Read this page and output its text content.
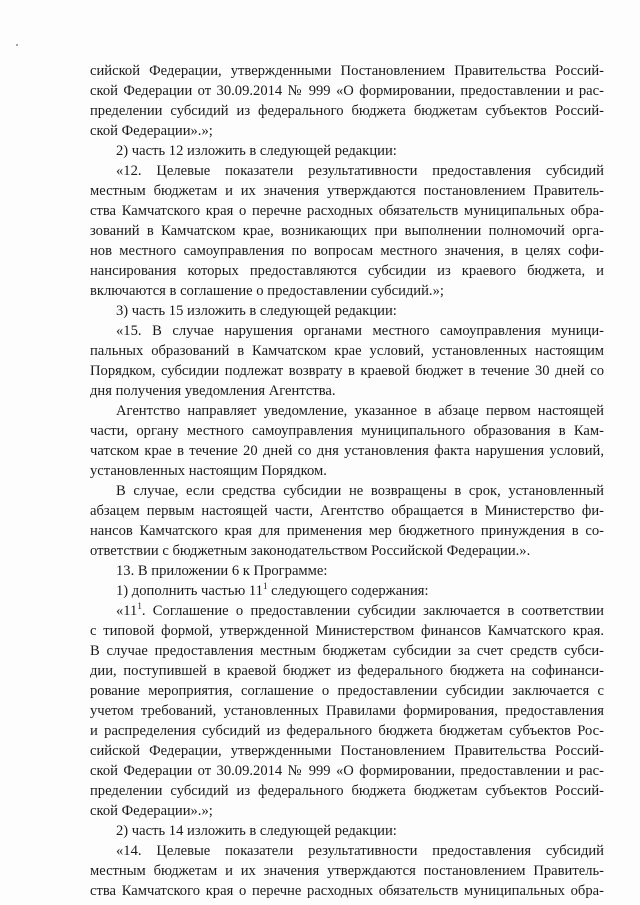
сийской Федерации, утвержденными Постановлением Правительства Россий-

ской Федерации от 30.09.2014 № 999 «О формировании, предоставлении и рас-

пределении субсидий из федерального бюджета бюджетам субъектов Россий-

ской Федерации».»;

2) часть 12 изложить в следующей редакции:

«12. Целевые показатели результативности предоставления субсидий

местным бюджетам и их значения утверждаются постановлением Правитель-

ства Камчатского края о перечне расходных обязательств муниципальных обра-

зований в Камчатском крае, возникающих при выполнении полномочий орга-

нов местного самоуправления по вопросам местного значения, в целях софи-

нансирования которых предоставляются субсидии из краевого бюджета, и

включаются в соглашение о предоставлении субсидий.»;

3) часть 15 изложить в следующей редакции:

«15. В случае нарушения органами местного самоуправления муници-

пальных образований в Камчатском крае условий, установленных настоящим

Порядком, субсидии подлежат возврату в краевой бюджет в течение 30 дней со

дня получения уведомления Агентства.

Агентство направляет уведомление, указанное в абзаце первом настоящей

части, органу местного самоуправления муниципального образования в Кам-

чатском крае в течение 20 дней со дня установления факта нарушения условий,

установленных настоящим Порядком.

В случае, если средства субсидии не возвращены в срок, установленный

абзацем первым настоящей части, Агентство обращается в Министерство фи-

нансов Камчатского края для применения мер бюджетного принуждения в со-

ответствии с бюджетным законодательством Российской Федерации.».

13. В приложении 6 к Программе:

1) дополнить частью $11^1$ следующего содержания:

«$11^1$. Соглашение о предоставлении субсидии заключается в соответствии

с типовой формой, утвержденной Министерством финансов Камчатского края.

В случае предоставления местным бюджетам субсидии за счет средств субси-

дии, поступившей в краевой бюджет из федерального бюджета на софинанси-

рование мероприятия, соглашение о предоставлении субсидии заключается с

учетом требований, установленных Правилами формирования, предоставления

и распределения субсидий из федерального бюджета бюджетам субъектов Рос-

сийской Федерации, утвержденными Постановлением Правительства Россий-

ской Федерации от 30.09.2014 № 999 «О формировании, предоставлении и рас-

пределении субсидий из федерального бюджета бюджетам субъектов Россий-

ской Федерации».»;

2) часть 14 изложить в следующей редакции:

«14. Целевые показатели результативности предоставления субсидий

местным бюджетам и их значения утверждаются постановлением Правитель-

ства Камчатского края о перечне расходных обязательств муниципальных обра-
